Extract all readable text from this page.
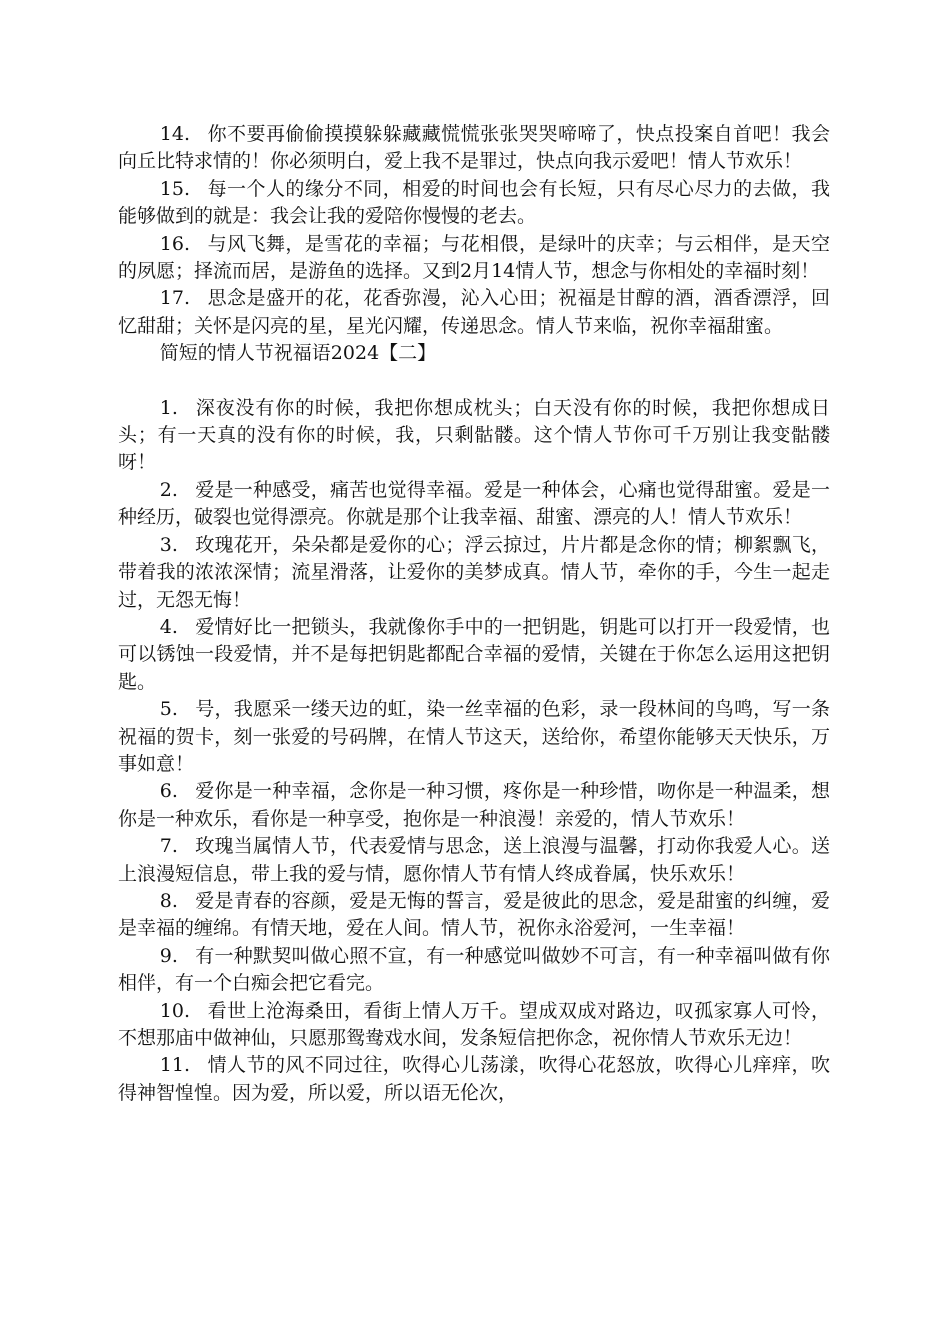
14. 你不要再偷偷摸摸躲躲藏藏慌慌张张哭哭啼啼了，快点投案自首吧！我会向丘比特求情的！你必须明白，爱上我不是罪过，快点向我示爱吧！情人节欢乐！

15. 每一个人的缘分不同，相爱的时间也会有长短，只有尽心尽力的去做，我能够做到的就是：我会让我的爱陪你慢慢的老去。

16. 与风飞舞，是雪花的幸福；与花相偎，是绿叶的庆幸；与云相伴，是天空的夙愿；择流而居，是游鱼的选择。又到2月14情人节，想念与你相处的幸福时刻！

17. 思念是盛开的花，花香弥漫，沁入心田；祝福是甘醇的酒，酒香漂浮，回忆甜甜；关怀是闪亮的星，星光闪耀，传递思念。情人节来临，祝你幸福甜蜜。

简短的情人节祝福语2024【二】

1. 深夜没有你的时候，我把你想成枕头；白天没有你的时候，我把你想成日头；有一天真的没有你的时候，我，只剩骷髅。这个情人节你可千万别让我变骷髅呀！

2. 爱是一种感受，痛苦也觉得幸福。爱是一种体会，心痛也觉得甜蜜。爱是一种经历，破裂也觉得漂亮。你就是那个让我幸福、甜蜜、漂亮的人！情人节欢乐！

3. 玫瑰花开，朵朵都是爱你的心；浮云掠过，片片都是念你的情；柳絮飘飞，带着我的浓浓深情；流星滑落，让爱你的美梦成真。情人节，牵你的手，今生一起走过，无怨无悔！

4. 爱情好比一把锁头，我就像你手中的一把钥匙，钥匙可以打开一段爱情，也可以锈蚀一段爱情，并不是每把钥匙都配合幸福的爱情，关键在于你怎么运用这把钥匙。

5. 号，我愿采一缕天边的虹，染一丝幸福的色彩，录一段林间的鸟鸣，写一条祝福的贺卡，刻一张爱的号码牌，在情人节这天，送给你，希望你能够天天快乐，万事如意！

6. 爱你是一种幸福，念你是一种习惯，疼你是一种珍惜，吻你是一种温柔，想你是一种欢乐，看你是一种享受，抱你是一种浪漫！亲爱的，情人节欢乐！

7. 玫瑰当属情人节，代表爱情与思念，送上浪漫与温馨，打动你我爱人心。送上浪漫短信息，带上我的爱与情，愿你情人节有情人终成眷属，快乐欢乐！

8. 爱是青春的容颜，爱是无悔的誓言，爱是彼此的思念，爱是甜蜜的纠缠，爱是幸福的缠绵。有情天地，爱在人间。情人节，祝你永浴爱河，一生幸福！

9. 有一种默契叫做心照不宣，有一种感觉叫做妙不可言，有一种幸福叫做有你相伴，有一个白痴会把它看完。

10. 看世上沧海桑田，看街上情人万千。望成双成对路边，叹孤家寡人可怜，不想那庙中做神仙，只愿那鸳鸯戏水间，发条短信把你念，祝你情人节欢乐无边！

11. 情人节的风不同过往，吹得心儿荡漾，吹得心花怒放，吹得心儿痒痒，吹得神智惶惶。因为爱，所以爱，所以语无伦次，
